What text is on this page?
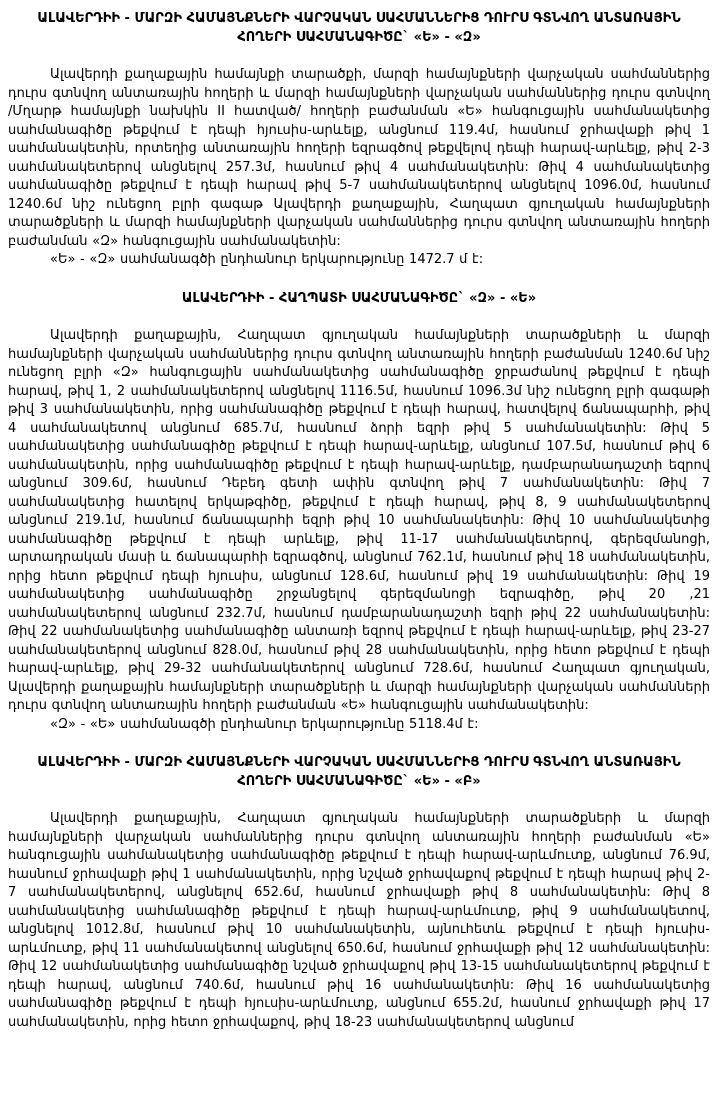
ԱԼԱՎԵՐԴԻԻ - ՄԱՐԶԻ ՀԱՄԱՅՆՔՆԵՐԻ ՎԱՐՉԱԿԱՆ ՍԱՀՄԱՆՆԵՐԻՑ ԴՈՒՐՍ ԳՏՆՎՈՂ ԱՆՏԱՌԱՅԻՆ ՀՈՂԵՐԻ ՍԱՀՄԱՆԱԳԻԾԸ` «Ե» - «Զ»

Ալավերդի քաղաքային համայնքի տարածքի, մարզի համայնքների վարչական սահմաններից դուրս գտնվող անտառային հողերի և մարզի համայնքների վարչական սահմաններից դուրս գտնվող /Մղարթ համայնքի նախկին II հատված/ հողերի բաժանման «Ե» հանգուցային սահմանակետից սահմանագիծը թեքվում է դեպի հյուսիս-արևելք, անցնում 119.4մ, հասնում ջրհավաքի թիվ 1 սահմանակետին, որտեղից անտառային հողերի եզրագծով թեքվելով դեպի հարավ-արևելք, թիվ 2-3 սահմանակետերով անցնելով 257.3մ, հասնում թիվ 4 սահմանակետին: Թիվ 4 սահմանակետից սահմանագիծը թեքվում է դեպի հարավ թիվ 5-7 սահմանակետերով անցնելով 1096.0մ, հասնում 1240.6մ նիշ ունեցող բլրի գագաթ Ալավերդի քաղաքային, Հաղպատ գյուղական համայնքների տարածքների և մարզի համայնքների վարչական սահմաններից դուրս գտնվող անտառային հողերի բաժանման «Զ» հանգուցային սահմանակետին:

«Ե» - «Զ» սահմանագծի ընդհանուր երկարությունը 1472.7 մ է:

ԱԼԱՎԵՐԴԻԻ - ՀԱՂՊԱՏԻ ՍԱՀՄԱՆԱԳԻԾԸ` «Զ» - «Ե»

Ալավերդի քաղաքային, Հաղպատ գյուղական համայնքների տարածքների և մարզի համայնքների վարչական սահմաններից դուրս գտնվող անտառային հողերի բաժանման 1240.6մ նիշ ունեցող բլրի «Զ» հանգուցային սահմանակետից սահմանագիծը ջրբաժանով թեքվում է դեպի հարավ, թիվ 1, 2 սահմանակետերով անցնելով 1116.5մ, հասնում 1096.3մ նիշ ունեցող բլրի գագաթի թիվ 3 սահմանակետին, որից սահմանագիծը թեքվում է դեպի հարավ, հատվելով ճանապարհի, թիվ 4 սահմանակետով անցնում 685.7մ, հասնում ձորի եզրի թիվ 5 սահմանակետին: Թիվ 5 սահմանակետից սահմանագիծը թեքվում է դեպի հարավ-արևելք, անցնում 107.5մ, հասնում թիվ 6 սահմանակետին, որից սահմանագիծը թեքվում է դեպի հարավ-արևելք, դամբարանադաշտի եզրով անցնում 309.6մ, հասնում Դեբեդ գետի ափին գտնվող թիվ 7 սահմանակետին: Թիվ 7 սահմանակետից հատելով երկաթգիծը, թեքվում է դեպի հարավ, թիվ 8, 9 սահմանակետերով անցնում 219.1մ, հասնում ճանապարհի եզրի թիվ 10 սահմանակետին: Թիվ 10 սահմանակետից սահմանագիծը թեքվում է դեպի արևելք, թիվ 11-17 սահմանակետերով, գերեզմանոցի, արտադրական մասի և ճանապարհի եզրագծով, անցնում 762.1մ, հասնում թիվ 18 սահմանակետին, որից հետո թեքվում դեպի հյուսիս, անցնում 128.6մ, հասնում թիվ 19 սահմանակետին: Թիվ 19 սահմանակետից սահմանագիծը շրջանցելով գերեզմանոցի եզրագիծը, թիվ 20 ,21 սահմանակետերով անցնում 232.7մ, հասնում դամբարանադաշտի եզրի թիվ 22 սահմանակետին: Թիվ 22 սահմանակետից սահմանագիծը անտառի եզրով թեքվում է դեպի հարավ-արևելք, թիվ 23-27 սահմանակետերով անցնում 828.0մ, հասնում թիվ 28 սահմանակետին, որից հետո թեքվում է դեպի հարավ-արևելք, թիվ 29-32 սահմանակետերով անցնում 728.6մ, հասնում Հաղպատ գյուղական, Ալավերդի քաղաքային համայնքների տարածքների և մարզի համայնքների վարչական սահմանների դուրս գտնվող անտառային հողերի բաժանման «Ե» հանգուցային սահմանակետին:

«Զ» - «Ե» սահմանագծի ընդհանուր երկարությունը 5118.4մ է:

ԱԼԱՎԵՐԴԻԻ - ՄԱՐԶԻ ՀԱՄԱՅՆՔՆԵՐԻ ՎԱՐՉԱԿԱՆ ՍԱՀՄԱՆՆԵՐԻՑ ԴՈՒՐՍ ԳՏՆՎՈՂ ԱՆՏԱՌԱՅԻՆ ՀՈՂԵՐԻ ՍԱՀՄԱՆԱԳԻԾԸ` «Ե» - «Բ»

Ալավերդի քաղաքային, Հաղպատ գյուղական համայնքների տարածքների և մարզի համայնքների վարչական սահմաններից դուրս գտնվող անտառային հողերի բաժանման «Ե» հանգուցային սահմանակետից սահմանագիծը թեքվում է դեպի հարավ-արևմուտք, անցնում 76.9մ, հասնում ջրհավաքի թիվ 1 սահմանակետին, որից նշված ջրհավաքով թեքվում է դեպի հարավ թիվ 2-7 սահմանակետերով, անցնելով 652.6մ, հասնում ջրհավաքի թիվ 8 սահմանակետին: Թիվ 8 սահմանակետից սահմանագիծը թեքվում է դեպի հարավ-արևմուտք, թիվ 9 սահմանակետով, անցնելով 1012.8մ, հասնում թիվ 10 սահմանակետին, այնուհետև թեքվում է դեպի հյուսիս-արևմուտք, թիվ 11 սահմանակետով անցնելով 650.6մ, հասնում ջրհավաքի թիվ 12 սահմանակետին: Թիվ 12 սահմանակետից սահմանագիծը նշված ջրհավաքով թիվ 13-15 սահմանակետերով թեքվում է դեպի հարավ, անցնում 740.6մ, հասնում թիվ 16 սահմանակետին: Թիվ 16 սահմանակետից սահմանագիծը թեքվում է դեպի հյուսիս-արևմուտք, անցնում 655.2մ, հասնում ջրհավաքի թիվ 17 սահմանակետին, որից հետո ջրհավաքով, թիվ 18-23 սահմանակետերով անցնում
